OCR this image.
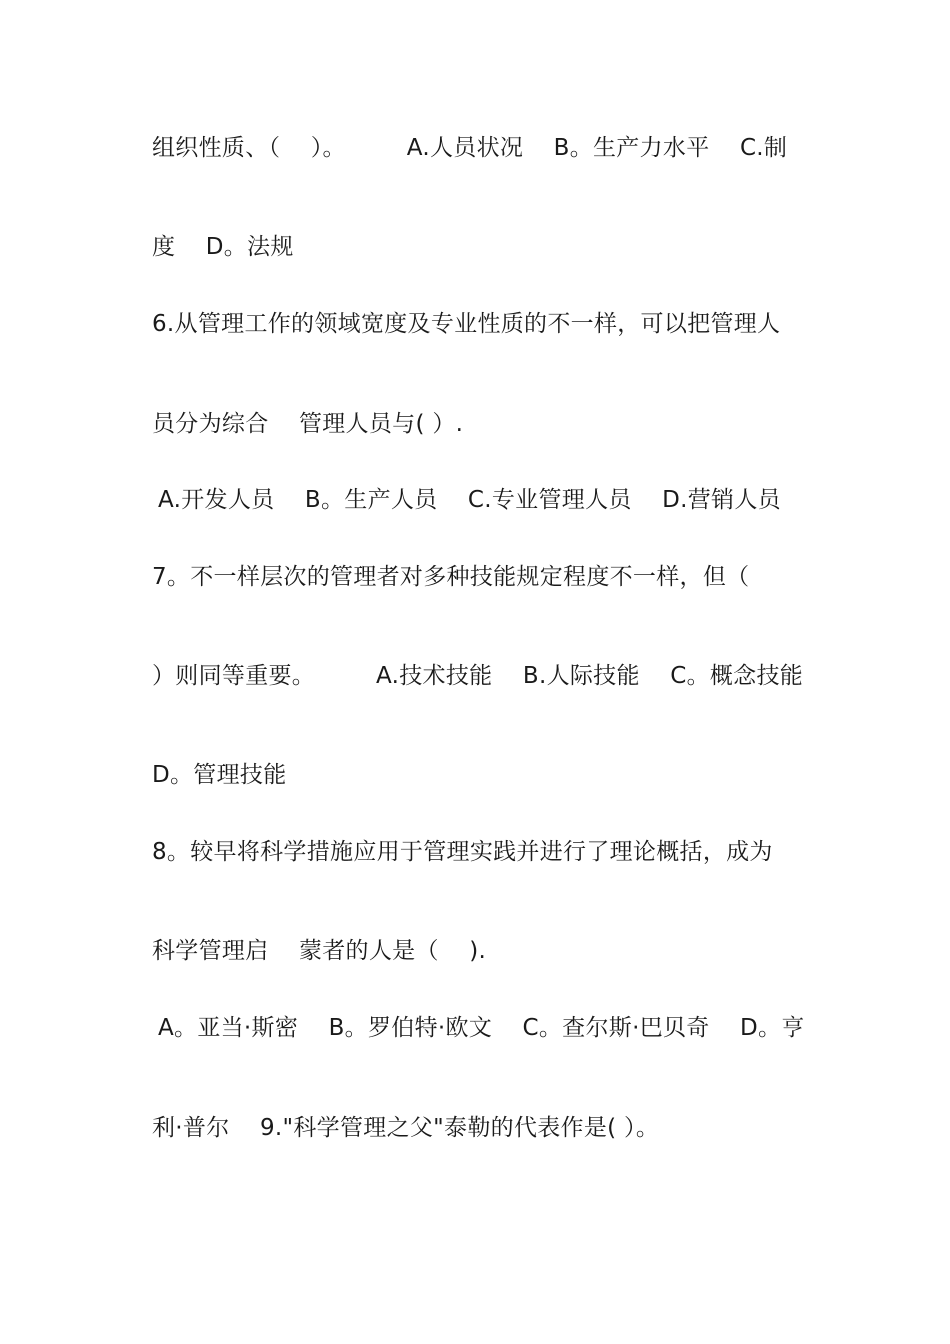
组织性质、（    ）。        A.人员状况    B。生产力水平    C.制
度    D。法规
6.从管理工作的领域宽度及专业性质的不一样，可以把管理人
员分为综合    管理人员与( ）.
A.开发人员    B。生产人员    C.专业管理人员    D.营销人员
7。不一样层次的管理者对多种技能规定程度不一样，但（
）则同等重要。        A.技术技能    B.人际技能    C。概念技能
D。管理技能
8。较早将科学措施应用于管理实践并进行了理论概括，成为
科学管理启    蒙者的人是（    ).
A。亚当·斯密    B。罗伯特·欧文    C。查尔斯·巴贝奇    D。亨
利·普尔    9."科学管理之父"泰勒的代表作是( ）。
